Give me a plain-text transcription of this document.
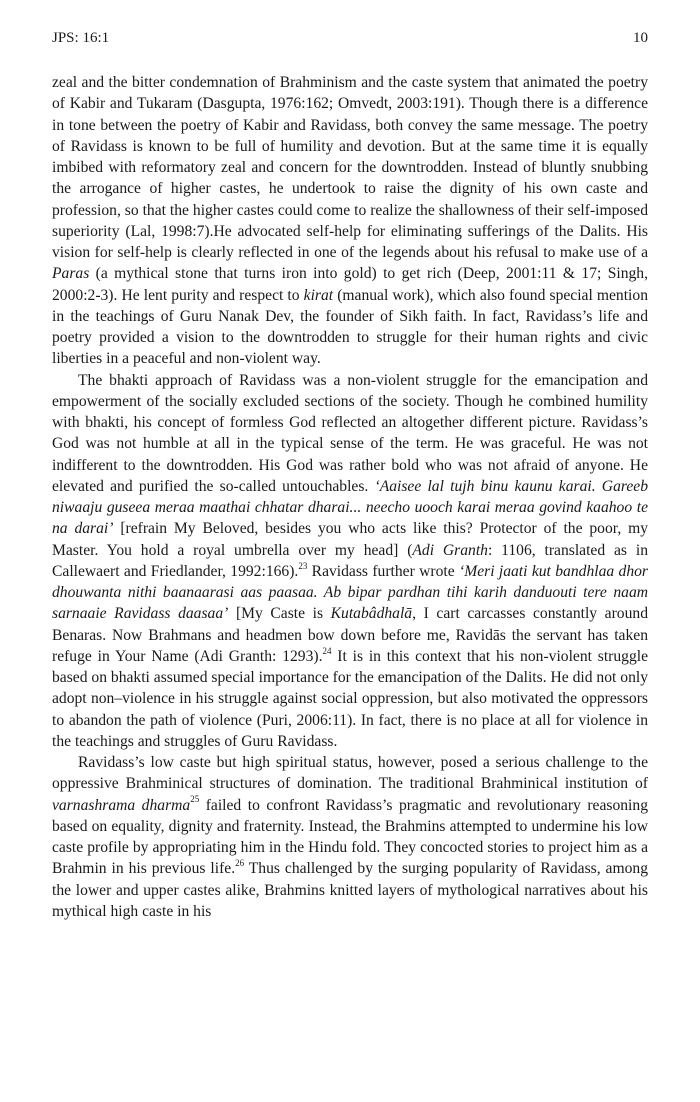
JPS: 16:1	10

zeal and the bitter condemnation of Brahminism and the caste system that animated the poetry of Kabir and Tukaram (Dasgupta, 1976:162; Omvedt, 2003:191). Though there is a difference in tone between the poetry of Kabir and Ravidass, both convey the same message. The poetry of Ravidass is known to be full of humility and devotion. But at the same time it is equally imbibed with reformatory zeal and concern for the downtrodden. Instead of bluntly snubbing the arrogance of higher castes, he undertook to raise the dignity of his own caste and profession, so that the higher castes could come to realize the shallowness of their self-imposed superiority (Lal, 1998:7).He advocated self-help for eliminating sufferings of the Dalits. His vision for self-help is clearly reflected in one of the legends about his refusal to make use of a Paras (a mythical stone that turns iron into gold) to get rich (Deep, 2001:11 & 17; Singh, 2000:2-3). He lent purity and respect to kirat (manual work), which also found special mention in the teachings of Guru Nanak Dev, the founder of Sikh faith. In fact, Ravidass’s life and poetry provided a vision to the downtrodden to struggle for their human rights and civic liberties in a peaceful and non-violent way.

The bhakti approach of Ravidass was a non-violent struggle for the emancipation and empowerment of the socially excluded sections of the society. Though he combined humility with bhakti, his concept of formless God reflected an altogether different picture. Ravidass’s God was not humble at all in the typical sense of the term. He was graceful. He was not indifferent to the downtrodden. His God was rather bold who was not afraid of anyone. He elevated and purified the so-called untouchables. ‘Aaisee lal tujh binu kaunu karai. Gareeb niwaaju guseea meraa maathai chhatar dharai... neecho uooch karai meraa govind kaahoo te na darai’ [refrain My Beloved, besides you who acts like this? Protector of the poor, my Master. You hold a royal umbrella over my head] (Adi Granth: 1106, translated as in Callewaert and Friedlander, 1992:166).$^{23}$ Ravidass further wrote ‘Meri jaati kut bandhlaa dhor dhouwanta nithi baanaarasi aas paasaa. Ab bipar pardhan tihi karih danduouti tere naam sarnaaie Ravidass daasaa’ [My Caste is Kutabâdhalā, I cart carcasses constantly around Benaras. Now Brahmans and headmen bow down before me, Ravidās the servant has taken refuge in Your Name (Adi Granth: 1293).$^{24}$ It is in this context that his non-violent struggle based on bhakti assumed special importance for the emancipation of the Dalits. He did not only adopt non–violence in his struggle against social oppression, but also motivated the oppressors to abandon the path of violence (Puri, 2006:11). In fact, there is no place at all for violence in the teachings and struggles of Guru Ravidass.

Ravidass’s low caste but high spiritual status, however, posed a serious challenge to the oppressive Brahminical structures of domination. The traditional Brahminical institution of varnashrama dharma$^{25}$ failed to confront Ravidass’s pragmatic and revolutionary reasoning based on equality, dignity and fraternity. Instead, the Brahmins attempted to undermine his low caste profile by appropriating him in the Hindu fold. They concocted stories to project him as a Brahmin in his previous life.$^{26}$ Thus challenged by the surging popularity of Ravidass, among the lower and upper castes alike, Brahmins knitted layers of mythological narratives about his mythical high caste in his
